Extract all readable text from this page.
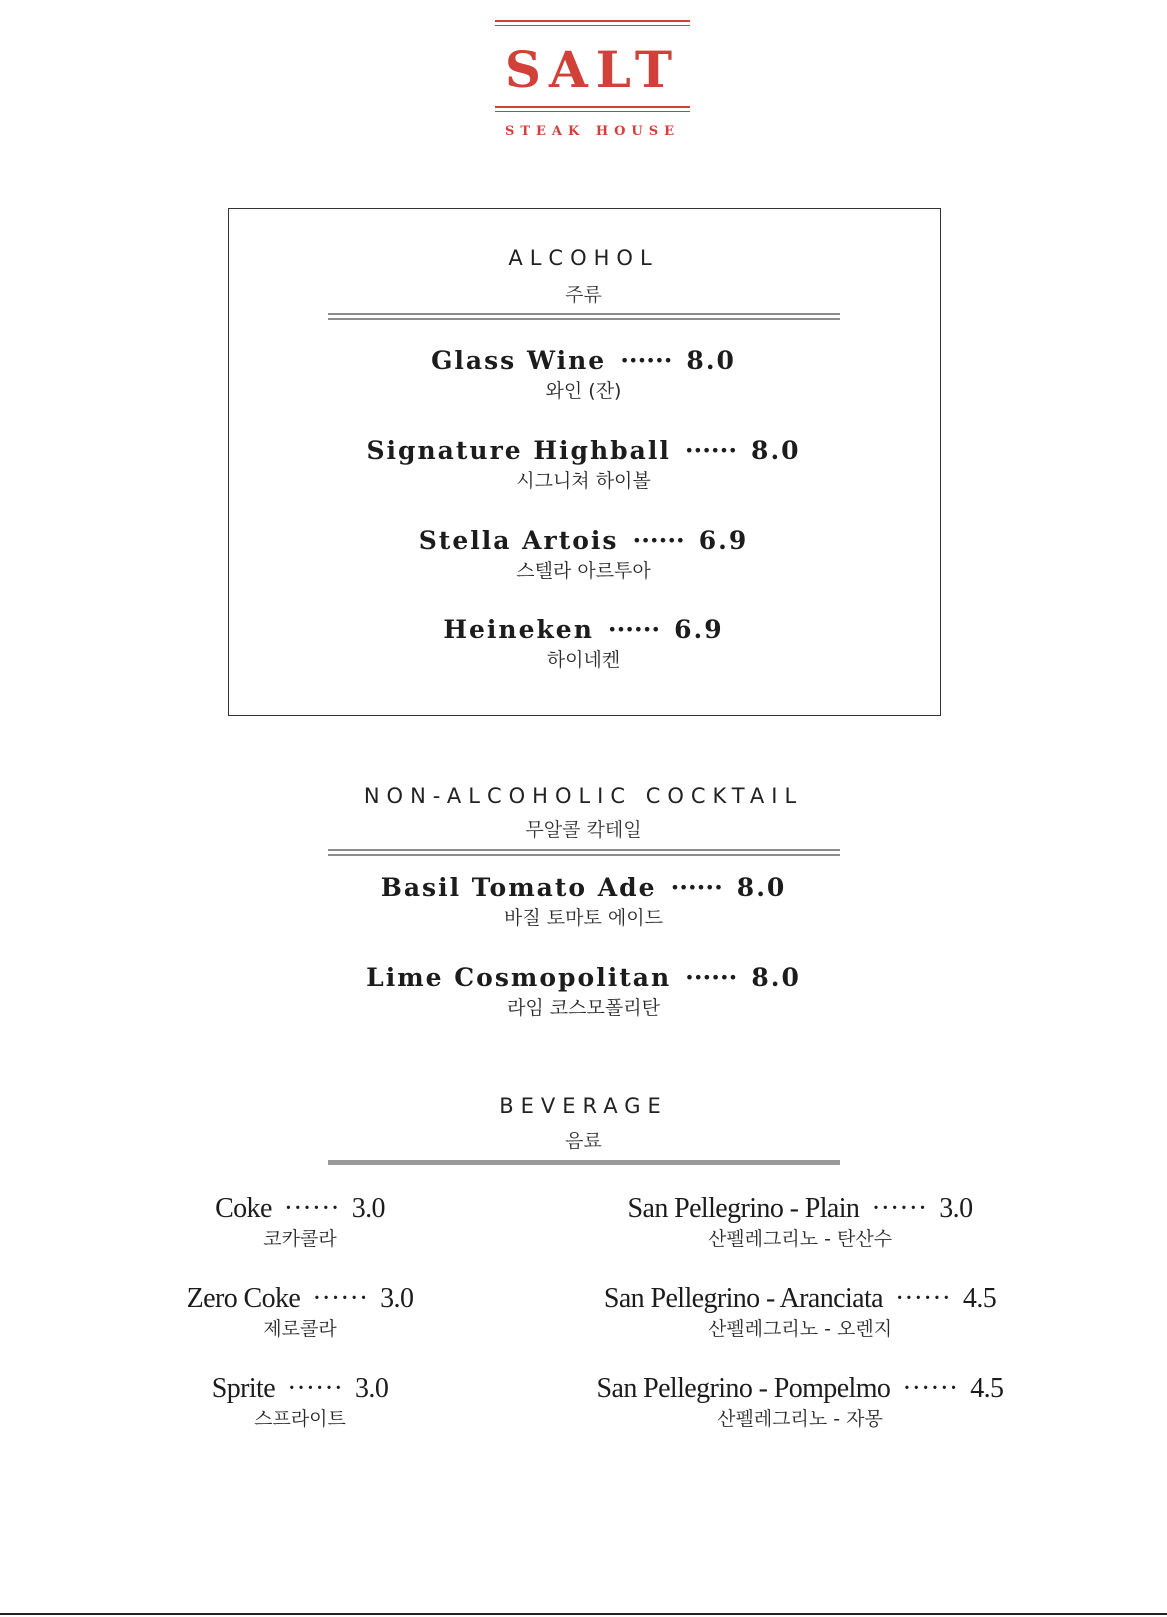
SALT
STEAK HOUSE
ALCOHOL
주류
Glass Wine ······ 8.0
와인 (잔)
Signature Highball ······ 8.0
시그니쳐 하이볼
Stella Artois ······ 6.9
스텔라 아르투아
Heineken ······ 6.9
하이네켄
NON-ALCOHOLIC COCKTAIL
무알콜 칵테일
Basil Tomato Ade ······ 8.0
바질 토마토 에이드
Lime Cosmopolitan ······ 8.0
라임 코스모폴리탄
BEVERAGE
음료
Coke ······ 3.0
코카콜라
Zero Coke ······ 3.0
제로콜라
Sprite ······ 3.0
스프라이트
San Pellegrino - Plain ······ 3.0
산펠레그리노 - 탄산수
San Pellegrino - Aranciata ······ 4.5
산펠레그리노 - 오렌지
San Pellegrino - Pompelmo ······ 4.5
산펠레그리노 - 자몽
